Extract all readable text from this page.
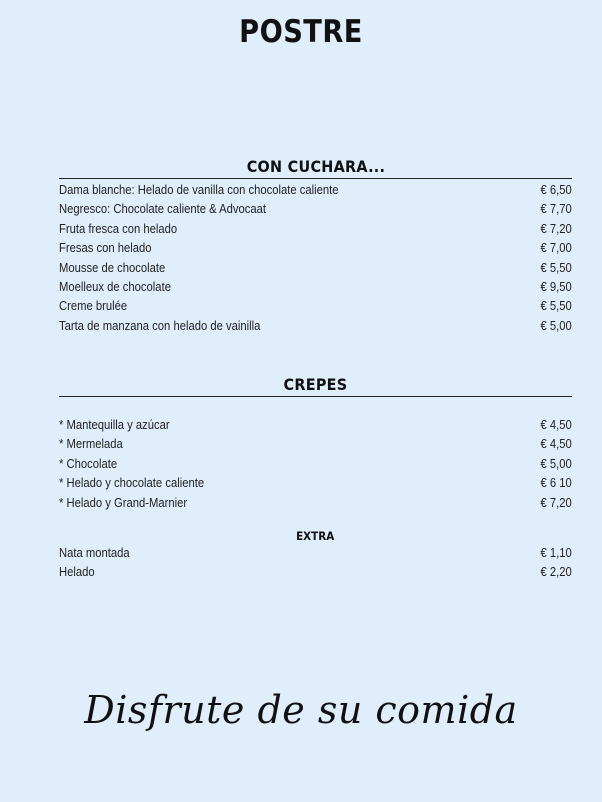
POSTRE
CON CUCHARA...
Dama blanche: Helado de vanilla con chocolate caliente	€ 6,50
Negresco: Chocolate caliente & Advocaat	€ 7,70
Fruta fresca con helado	€ 7,20
Fresas con helado	€ 7,00
Mousse de chocolate	€ 5,50
Moelleux de chocolate	€ 9,50
Creme brulée	€ 5,50
Tarta de manzana con helado de vainilla	€ 5,00
CREPES
* Mantequilla y azúcar	€ 4,50
* Mermelada	€ 4,50
* Chocolate	€ 5,00
* Helado y chocolate caliente	€ 6 10
* Helado y Grand-Marnier	€ 7,20
EXTRA
Nata montada	€ 1,10
Helado	€ 2,20
Disfrute de su comida
